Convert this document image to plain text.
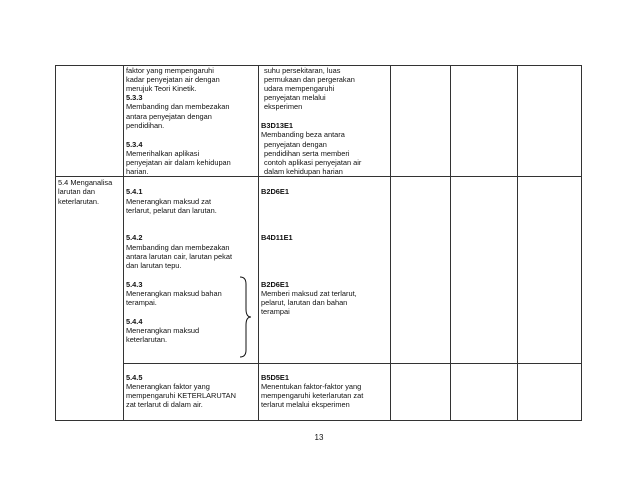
faktor yang mempengaruhi
kadar penyejatan air dengan
merujuk Teori Kinetik.
5.3.3
Membanding dan membezakan
antara penyejatan dengan
pendidihan.
5.3.4
Memerihalkan aplikasi
penyejatan air dalam kehidupan
harian.
suhu persekitaran, luas
permukaan dan pergerakan
udara mempengaruhi
penyejatan melalui
eksperimen
B3D13E1
Membanding beza antara
penyejatan dengan
pendidihan serta memberi
contoh aplikasi penyejatan air
dalam kehidupan harian
5.4 Menganalisa
larutan dan
keterlarutan.
5.4.1
Menerangkan maksud zat
terlarut, pelarut dan larutan.
5.4.2
Membanding dan membezakan
antara larutan cair, larutan pekat
dan larutan tepu.
5.4.3
Menerangkan maksud bahan
terampai.
5.4.4
Menerangkan maksud
keterlarutan.
B2D6E1
B4D11E1
B2D6E1
Memberi maksud zat terlarut,
pelarut, larutan dan bahan
terampai
5.4.5
Menerangkan faktor yang
mempengaruhi KETERLARUTAN
zat terlarut di dalam air.
B5D5E1
Menentukan faktor-faktor yang
mempengaruhi keterlarutan zat
terlarut melalui eksperimen
13
